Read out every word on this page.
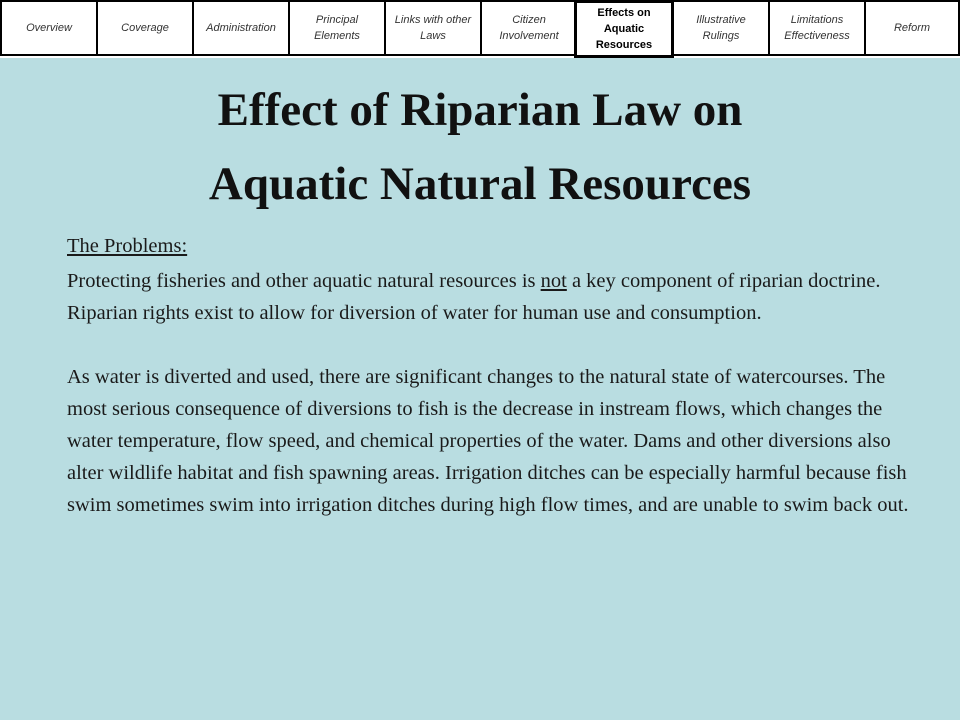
Overview	Coverage	Administration
Principal Elements
Links with other Laws
Citizen Involvement
Illustrative Rulings
Limitations Effectiveness
Reform
Effects on Aquatic Resources
Effect of Riparian Law on
Aquatic Natural Resources

The Problems:

Protecting fisheries and other aquatic natural resources is not a key component of riparian doctrine. Riparian rights exist to allow for diversion of water for human use and consumption.

As water is diverted and used, there are significant changes to the natural state of watercourses. The most serious consequence of diversions to fish is the decrease in instream flows, which changes the water temperature, flow speed, and chemical properties of the water. Dams and other diversions also alter wildlife habitat and fish spawning areas. Irrigation ditches can be especially harmful because fish swim sometimes swim into irrigation ditches during high flow times, and are unable to swim back out.
